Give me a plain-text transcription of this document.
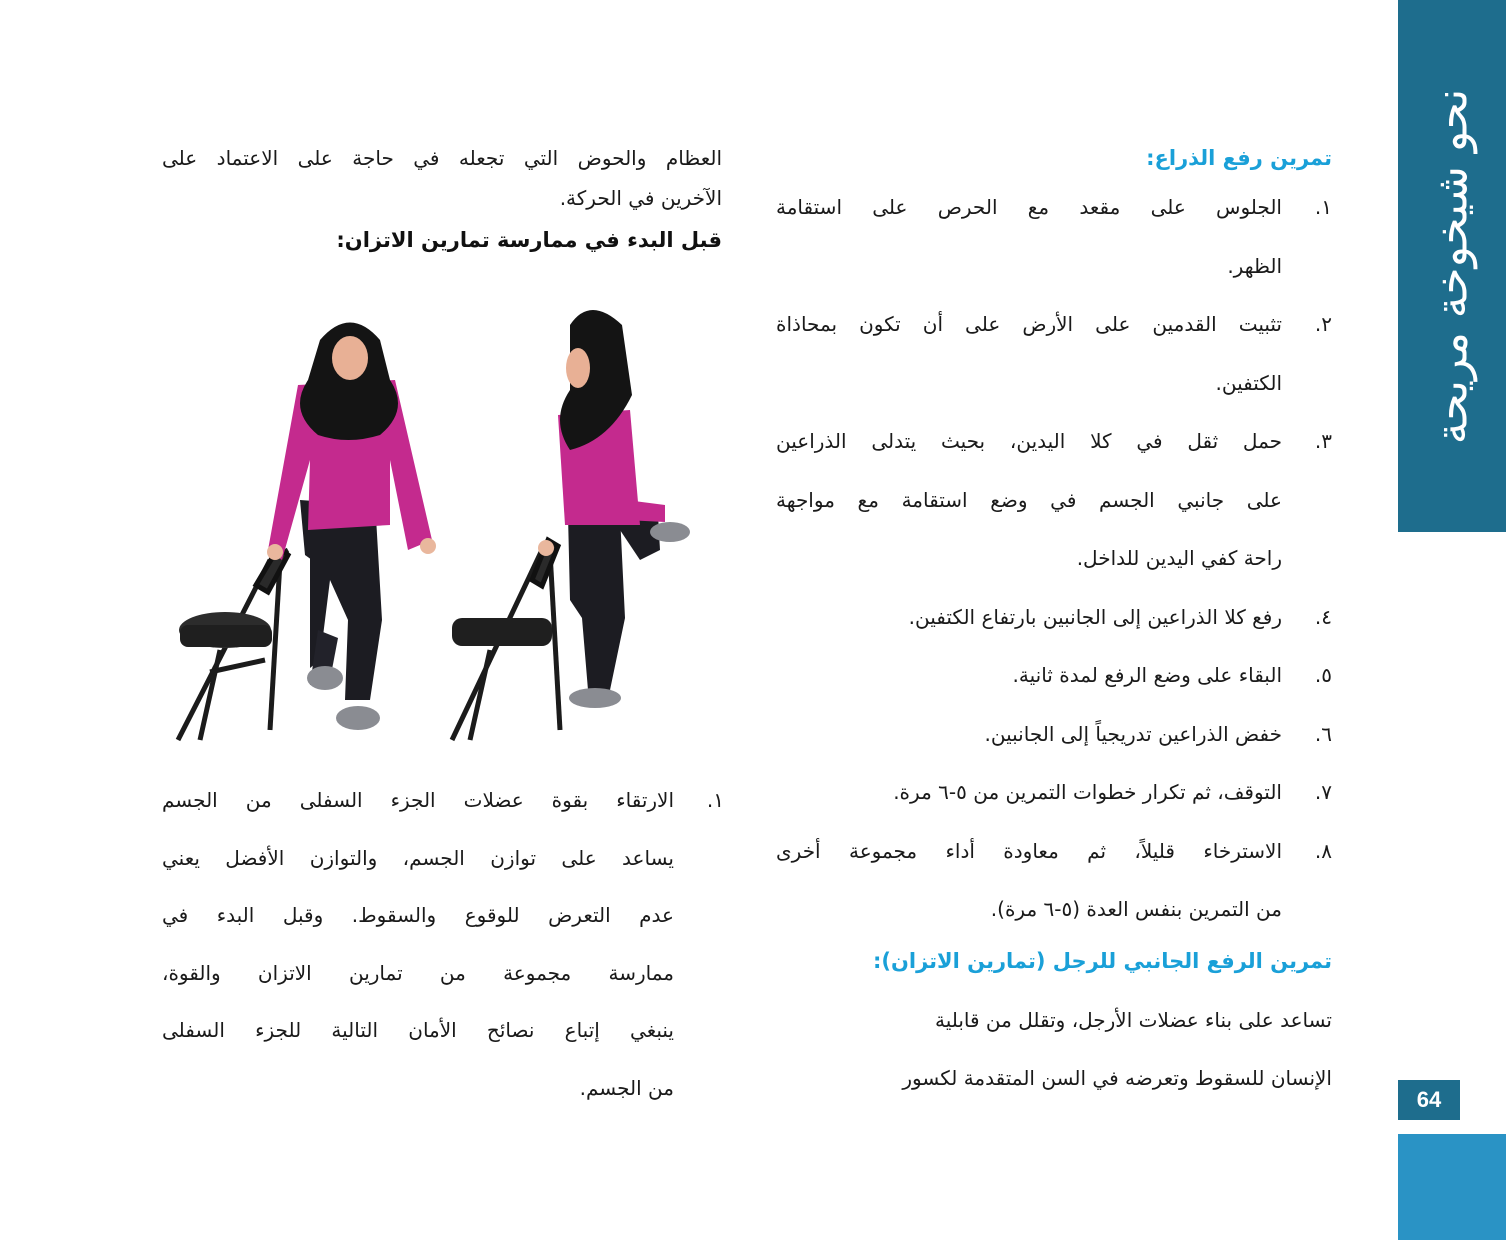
نحو شيخوخة مريحة
64
تمرين رفع الذراع:
١.
الجلوس على مقعد مع الحرص على استقامة
الظهر.
٢.
تثبيت القدمين على الأرض على أن تكون بمحاذاة
الكتفين.
٣.
حمل ثقل في كلا اليدين، بحيث يتدلى الذراعين
على جانبي الجسم في وضع استقامة مع مواجهة
راحة كفي اليدين للداخل.
٤.
رفع كلا الذراعين إلى الجانبين بارتفاع الكتفين.
٥.
البقاء على وضع الرفع لمدة ثانية.
٦.
خفض الذراعين تدريجياً إلى الجانبين.
٧.
التوقف، ثم تكرار خطوات التمرين من ٥-٦ مرة.
٨.
الاسترخاء قليلاً، ثم معاودة أداء مجموعة أخرى
من التمرين بنفس العدة (٥-٦ مرة).
تمرين الرفع الجانبي للرجل (تمارين الاتزان):
تساعد على بناء عضلات الأرجل، وتقلل من قابلية
الإنسان للسقوط وتعرضه في السن المتقدمة لكسور
العظام والحوض التي تجعله في حاجة على الاعتماد على
الآخرين في الحركة.
قبل البدء في ممارسة تمارين الاتزان:
١.
الارتقاء بقوة عضلات الجزء السفلى من الجسم
يساعد على توازن الجسم، والتوازن الأفضل يعني
عدم التعرض للوقوع والسقوط. وقبل البدء في
ممارسة مجموعة من تمارين الاتزان والقوة،
ينبغي إتباع نصائح الأمان التالية للجزء السفلى
من الجسم.
